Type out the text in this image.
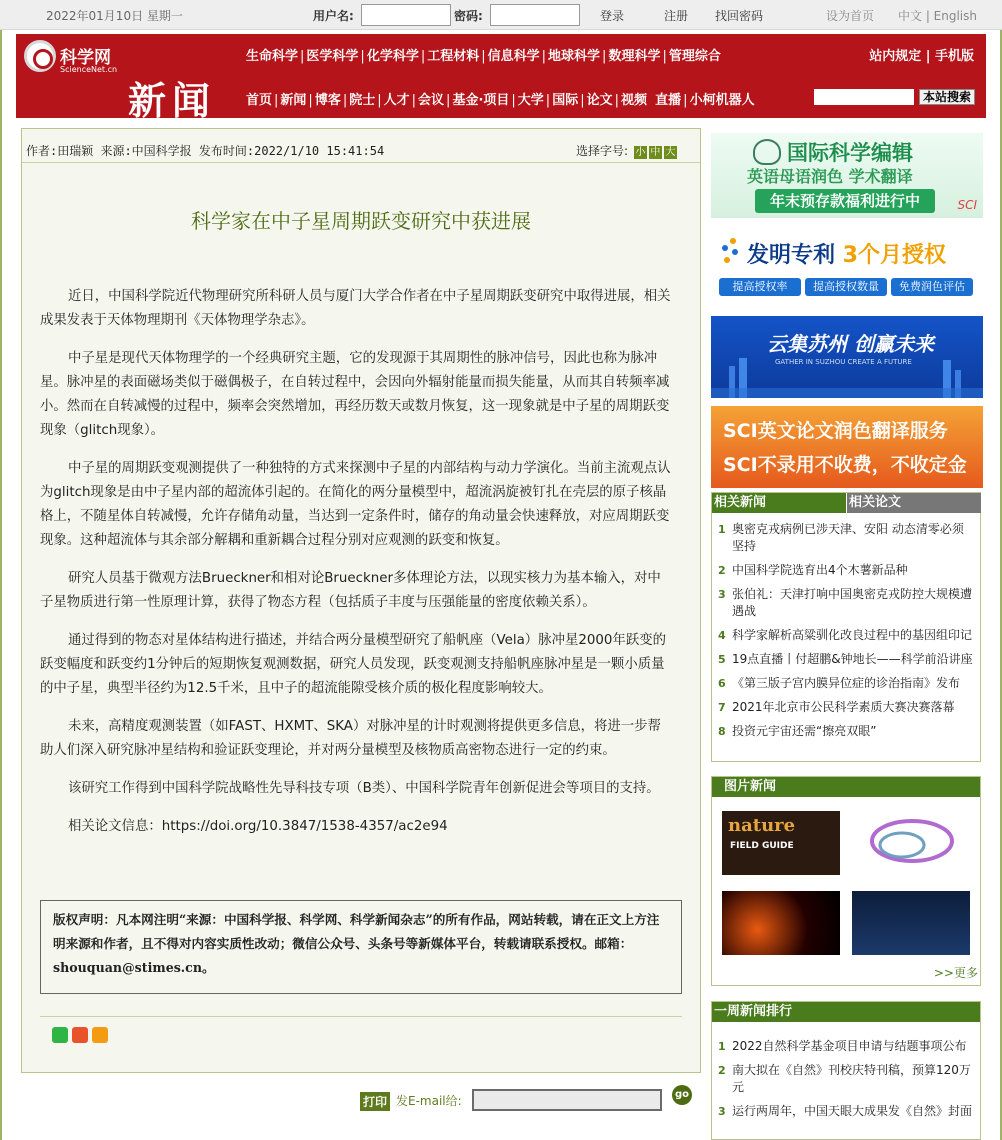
2022年01月10日 星期一	用户名:	密码:	登录	注册 找回密码	设为首页 中文 | English
科学网
ScienceNet.cn
新闻
生命科学 | 医学科学 | 化学科学 | 工程材料 | 信息科学 | 地球科学 | 数理科学 | 管理综合	站内规定 | 手机版
首页 | 新闻 | 博客 | 院士 | 人才 | 会议 | 基金·项目 | 大学 | 国际 | 论文 | 视频 直播 | 小柯机器人	本站搜索
作者:田瑞颖 来源:中国科学报 发布时间:2022/1/10 15:41:54	选择字号: 小 中 大
科学家在中子星周期跃变研究中获进展

近日，中国科学院近代物理研究所科研人员与厦门大学合作者在中子星周期跃变研究中取得进展，相关成果发表于天体物理期刊《天体物理学杂志》。

中子星是现代天体物理学的一个经典研究主题，它的发现源于其周期性的脉冲信号，因此也称为脉冲星。脉冲星的表面磁场类似于磁偶极子，在自转过程中，会因向外辐射能量而损失能量，从而其自转频率减小。然而在自转减慢的过程中，频率会突然增加，再经历数天或数月恢复，这一现象就是中子星的周期跃变现象（glitch现象）。

中子星的周期跃变观测提供了一种独特的方式来探测中子星的内部结构与动力学演化。当前主流观点认为glitch现象是由中子星内部的超流体引起的。在简化的两分量模型中，超流涡旋被钉扎在壳层的原子核晶格上，不随星体自转减慢，允许存储角动量，当达到一定条件时，储存的角动量会快速释放，对应周期跃变现象。这种超流体与其余部分解耦和重新耦合过程分别对应观测的跃变和恢复。

研究人员基于微观方法Brueckner和相对论Brueckner多体理论方法，以现实核力为基本输入，对中子星物质进行第一性原理计算，获得了物态方程（包括质子丰度与压强能量的密度依赖关系）。

通过得到的物态对星体结构进行描述，并结合两分量模型研究了船帆座（Vela）脉冲星2000年跃变的跃变幅度和跃变约1分钟后的短期恢复观测数据，研究人员发现，跃变观测支持船帆座脉冲星是一颗小质量的中子星，典型半径约为12.5千米，且中子的超流能隙受核介质的极化程度影响较大。

未来，高精度观测装置（如FAST、HXMT、SKA）对脉冲星的计时观测将提供更多信息，将进一步帮助人们深入研究脉冲星结构和验证跃变理论，并对两分量模型及核物质高密物态进行一定的约束。

该研究工作得到中国科学院战略性先导科技专项（B类）、中国科学院青年创新促进会等项目的支持。

相关论文信息：https://doi.org/10.3847/1538-4357/ac2e94

版权声明：凡本网注明“来源：中国科学报、科学网、科学新闻杂志”的所有作品，网站转载，请在正文上方注明来源和作者，且不得对内容实质性改动；微信公众号、头条号等新媒体平台，转载请联系授权。邮箱：shouquan@stimes.cn。
打印 发E-mail给:	go
国际科学编辑
英语母语润色 学术翻译
年末预存款福利进行中	SCI
发明专利 3个月授权
提高授权率 提高授权数量 免费润色评估
云集苏州 创赢未来
GATHER IN SUZHOU CREATE A FUTURE
SCI英文论文润色翻译服务
SCI不录用不收费，不收定金
相关新闻	相关论文
1 奥密克戎病例已涉天津、安阳 动态清零必须坚持
2 中国科学院选育出4个木薯新品种
3 张伯礼：天津打响中国奥密克戎防控大规模遭遇战
4 科学家解析高粱驯化改良过程中的基因组印记
5 19点直播丨付超鹏&钟地长——科学前沿讲座
6 《第三版子宫内膜异位症的诊治指南》发布
7 2021年北京市公民科学素质大赛决赛落幕
8 投资元宇宙还需“擦亮双眼”
图片新闻
nature
FIELD GUIDE
>>更多
一周新闻排行
1 2022自然科学基金项目申请与结题事项公布
2 南大拟在《自然》刊校庆特刊稿，预算120万元
3 运行两周年，中国天眼大成果发《自然》封面
